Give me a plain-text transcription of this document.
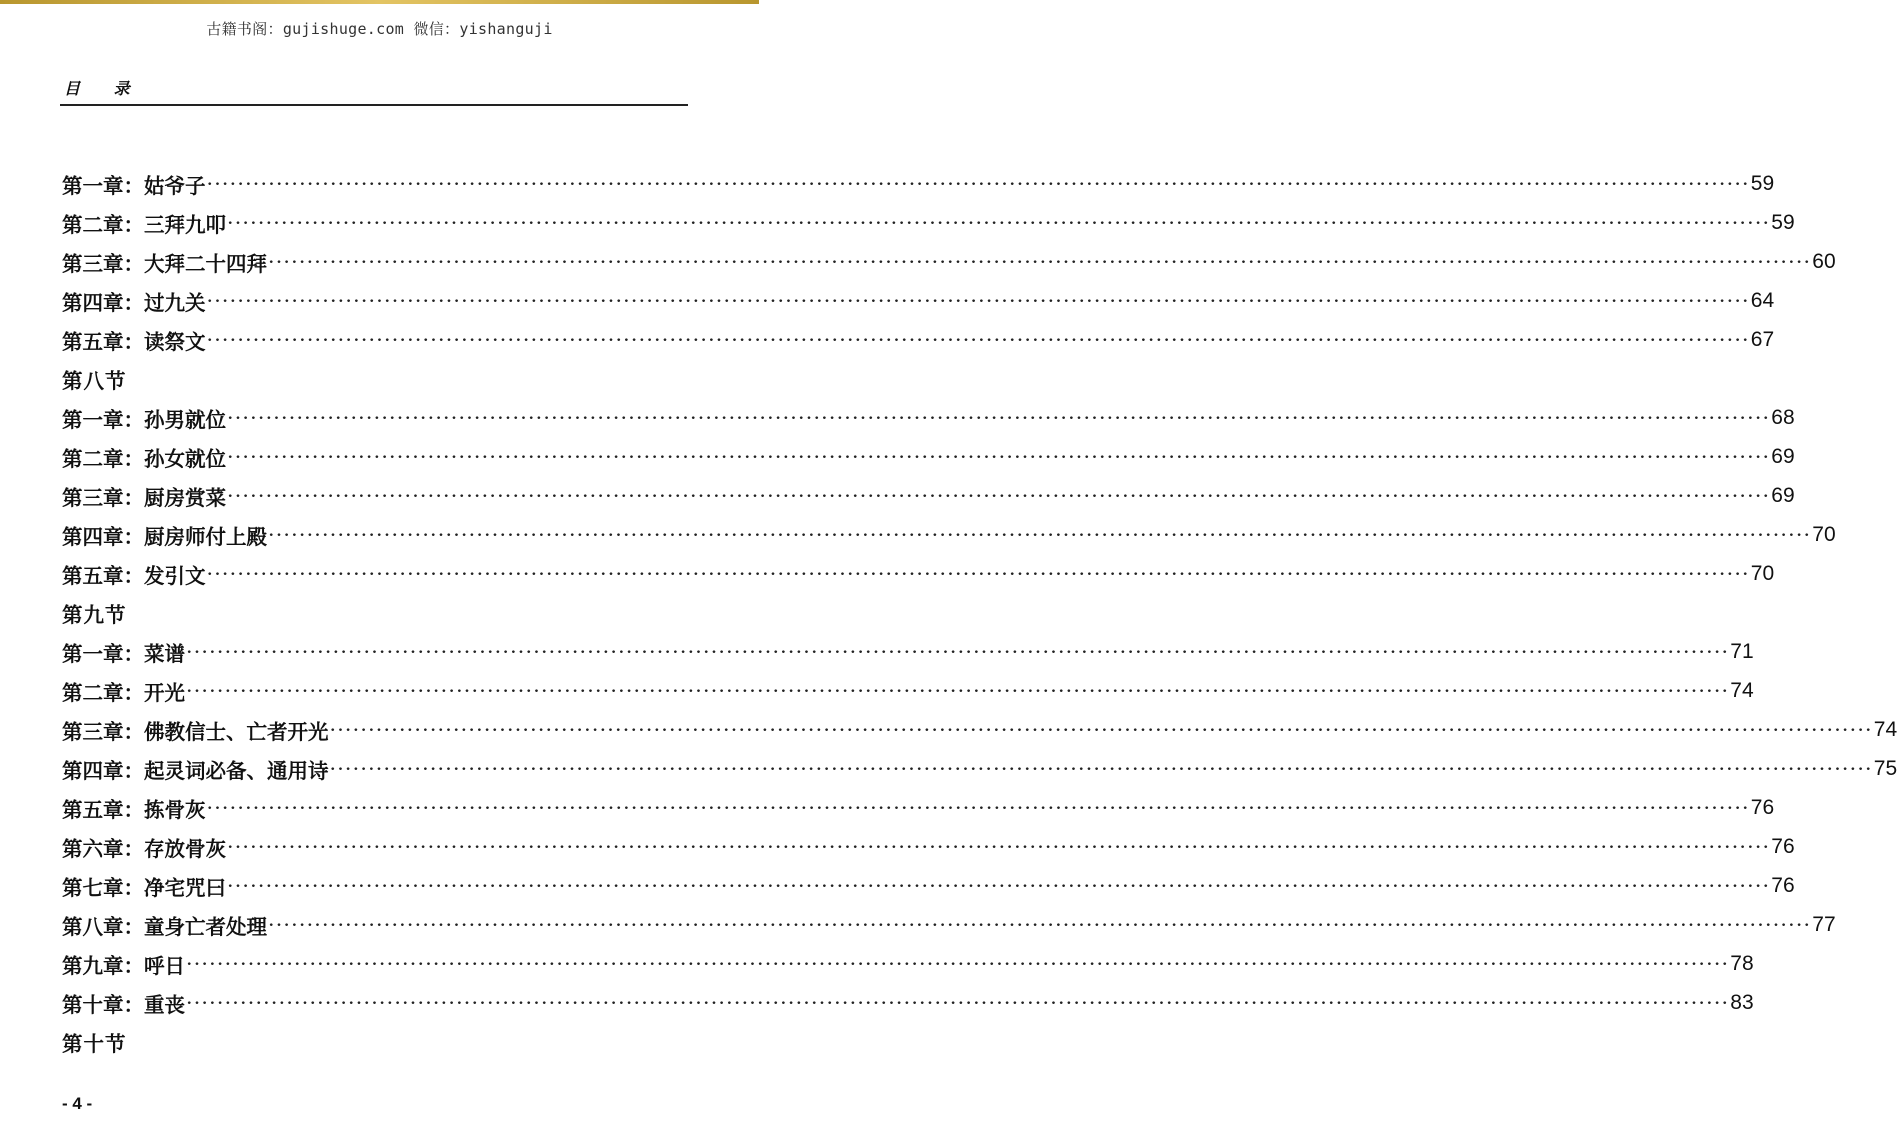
古籍书阁：gujishuge.com 微信：yishanguji
目 录
第一章：姑爷子 ········································································································································································································ 59
第二章：三拜九叩 ········································································································································································································ 59
第三章：大拜二十四拜 ········································································································································································································ 60
第四章：过九关 ········································································································································································································ 64
第五章：读祭文 ········································································································································································································ 67
第八节
第一章：孙男就位 ········································································································································································································ 68
第二章：孙女就位 ········································································································································································································ 69
第三章：厨房赏菜 ········································································································································································································ 69
第四章：厨房师付上殿 ········································································································································································································ 70
第五章：发引文 ········································································································································································································ 70
第九节
第一章：菜谱 ········································································································································································································ 71
第二章：开光 ········································································································································································································ 74
第三章：佛教信士、亡者开光 ········································································································································································································ 74
第四章：起灵词必备、通用诗 ········································································································································································································ 75
第五章：拣骨灰 ········································································································································································································ 76
第六章：存放骨灰 ········································································································································································································ 76
第七章：净宅咒曰 ········································································································································································································ 76
第八章：童身亡者处理 ········································································································································································································ 77
第九章：呼日 ········································································································································································································ 78
第十章：重丧 ········································································································································································································ 83
第十节
- 4 -
